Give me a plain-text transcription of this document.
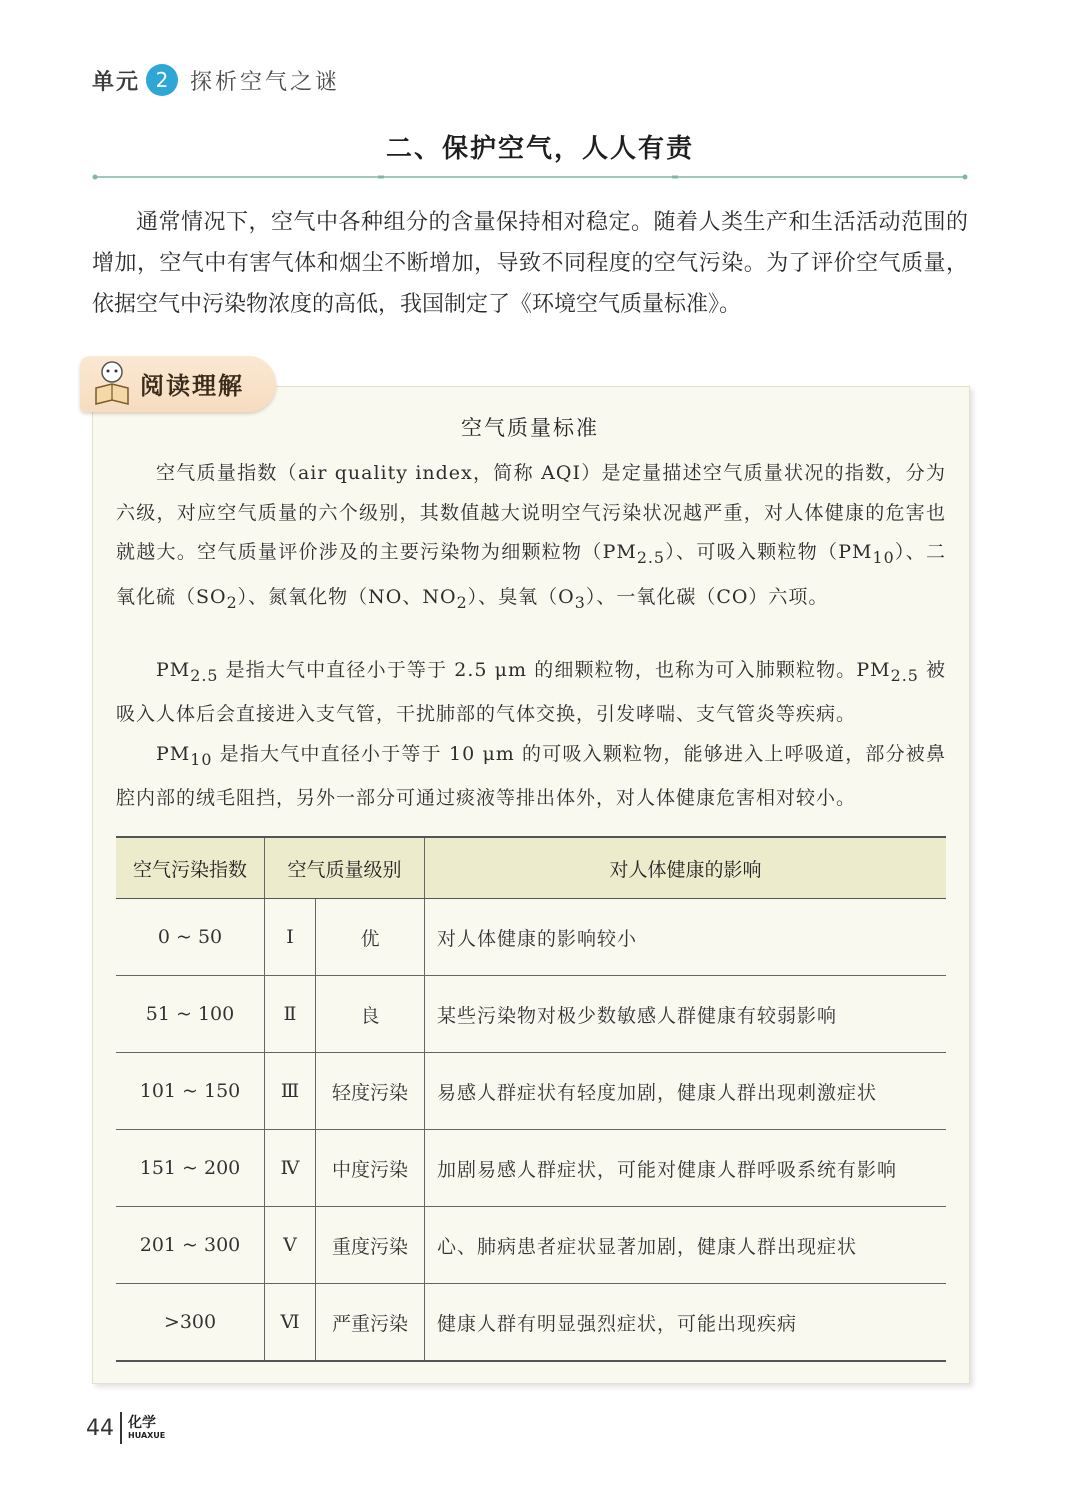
单元 2 探析空气之谜
二、保护空气，人人有责
通常情况下，空气中各种组分的含量保持相对稳定。随着人类生产和生活活动范围的增加，空气中有害气体和烟尘不断增加，导致不同程度的空气污染。为了评价空气质量，依据空气中污染物浓度的高低，我国制定了《环境空气质量标准》。
阅读理解
空气质量标准

空气质量指数（air quality index，简称 AQI）是定量描述空气质量状况的指数，分为六级，对应空气质量的六个级别，其数值越大说明空气污染状况越严重，对人体健康的危害也就越大。空气质量评价涉及的主要污染物为细颗粒物$(PM_{2.5})$、可吸入颗粒物$(PM_{10})$、二氧化硫$(SO_2)$、氮氧化物（NO、$NO_2$）、臭氧$(O_3)$、一氧化碳（CO）六项。

$PM_{2.5}$ 是指大气中直径小于等于 2.5 μm 的细颗粒物，也称为可入肺颗粒物。$PM_{2.5}$ 被吸入人体后会直接进入支气管，干扰肺部的气体交换，引发哮喘、支气管炎等疾病。

$PM_{10}$ 是指大气中直径小于等于 10 μm 的可吸入颗粒物，能够进入上呼吸道，部分被鼻腔内部的绒毛阻挡，另外一部分可通过痰液等排出体外，对人体健康危害相对较小。

空气污染指数	空气质量级别		对人体健康的影响
0 ~ 50	Ⅰ	优	对人体健康的影响较小
51 ~ 100	Ⅱ	良	某些污染物对极少数敏感人群健康有较弱影响
101 ~ 150	Ⅲ	轻度污染	易感人群症状有轻度加剧，健康人群出现刺激症状
151 ~ 200	Ⅳ	中度污染	加剧易感人群症状，可能对健康人群呼吸系统有影响
201 ~ 300	Ⅴ	重度污染	心、肺病患者症状显著加剧，健康人群出现症状
>300	Ⅵ	严重污染	健康人群有明显强烈症状，可能出现疾病
44 化学
HUAXUE
